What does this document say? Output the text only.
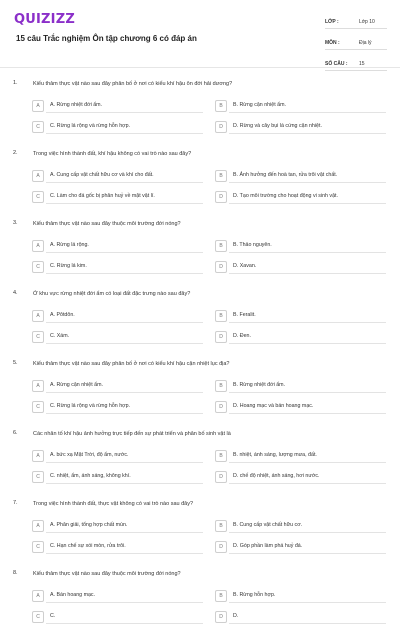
QUIZIZZ
15 câu Trắc nghiệm Ôn tập chương 6 có đáp án
LỚP :	Lớp 10
MÔN :	Địa lý
SỐ CÂU :	15
1.	Kiểu thảm thực vật nào sau đây phân bố ở nơi có kiểu khí hậu ôn đới hải dương?
A	A. Rừng nhiệt đới ẩm.	B	B. Rừng cận nhiệt ẩm.
C	C. Rừng lá rộng và rừng hỗn hợp.	D	D. Rừng và cây bụi lá cứng cận nhiệt.
2.	Trong việc hình thành đất, khí hậu không có vai trò nào sau đây?
A	A. Cung cấp vật chất hữu cơ và khí cho đất.	B	B. Ảnh hưởng đến hoà tan, rửa trôi vật chất.
C	C. Làm cho đá gốc bị phân huỷ về mặt vật lí.	D	D. Tạo môi trường cho hoạt động vi sinh vật.
3.	Kiểu thảm thực vật nào sau đây thuộc môi trường đới nóng?
A	A. Rừng lá rộng.	B	B. Thảo nguyên.
C	C. Rừng lá kim.	D	D. Xavan.
4.	Ở khu vực rừng nhiệt đới ẩm có loại đất đặc trưng nào sau đây?
A	A. Pôtdôn.	B	B. Feralit.
C	C. Xám.	D	D. Đen.
5.	Kiểu thảm thực vật nào sau đây phân bố ở nơi có kiểu khí hậu cận nhiệt lục địa?
A	A. Rừng cận nhiệt ẩm.	B	B. Rừng nhiệt đới ẩm.
C	C. Rừng lá rộng và rừng hỗn hợp.	D	D. Hoang mạc và bán hoang mạc.
6.	Các nhân tố khí hậu ảnh hưởng trực tiếp đến sự phát triển và phân bố sinh vật là
A	A. bức xạ Mặt Trời, độ ẩm, nước.	B	B. nhiệt, ánh sáng, lượng mưa, đất.
C	C. nhiệt, ẩm, ánh sáng, không khí.	D	D. chế độ nhiệt, ánh sáng, hơi nước.
7.	Trong việc hình thành đất, thực vật không có vai trò nào sau đây?
A	A. Phân giải, tổng hợp chất mùn.	B	B. Cung cấp vật chất hữu cơ.
C	C. Hạn chế sự xói mòn, rửa trôi.	D	D. Góp phần làm phá huỷ đá.
8.	Kiểu thảm thực vật nào sau đây thuộc môi trường đới nóng?
A	A. Bán hoang mạc.	B	B. Rừng hỗn hợp.
C	C.	D	D.
